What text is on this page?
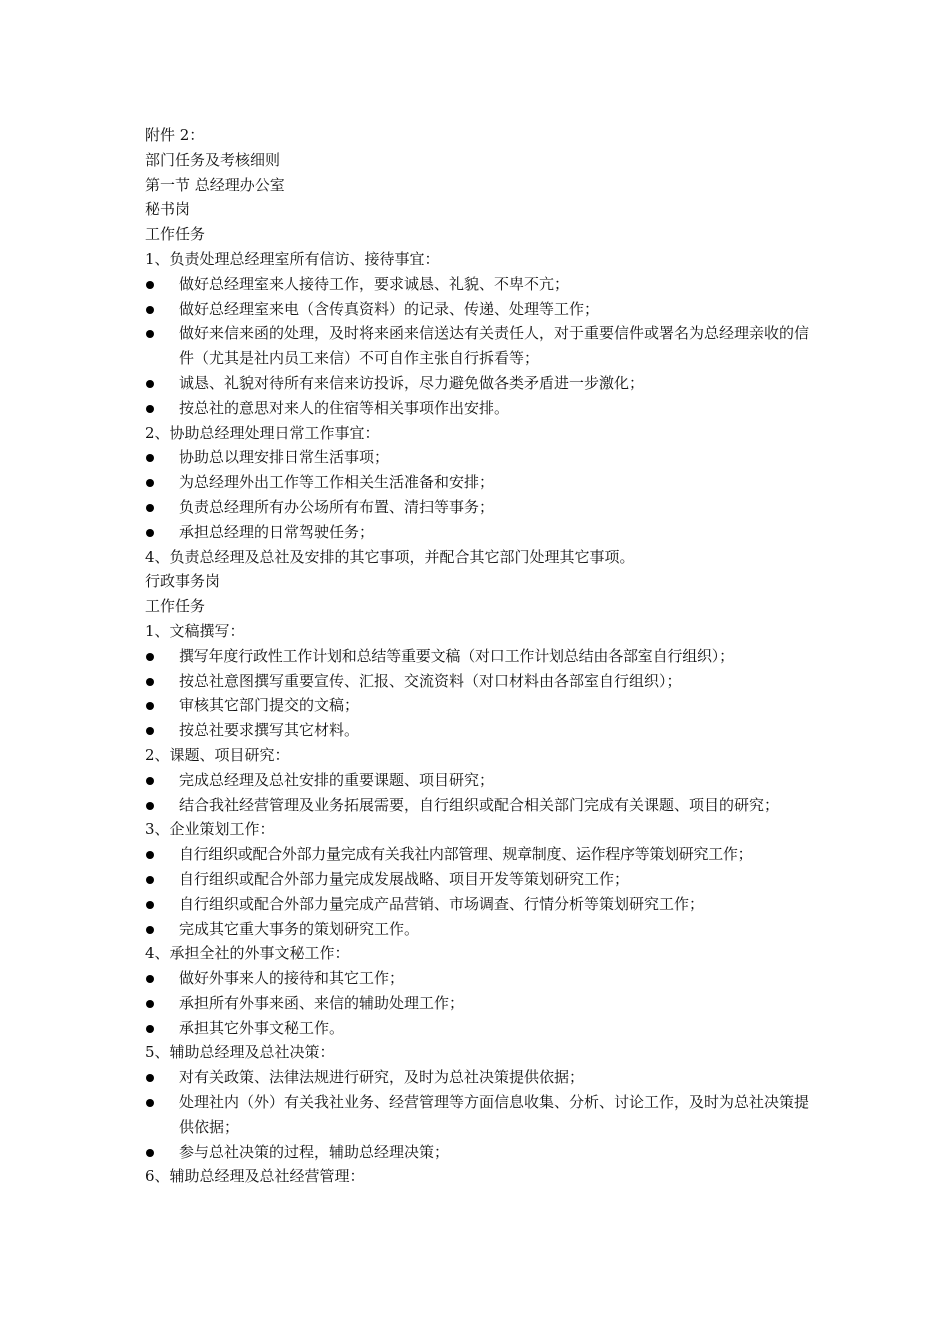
附件 2：
部门任务及考核细则
第一节 总经理办公室
秘书岗
工作任务
1、负责处理总经理室所有信访、接待事宜：
做好总经理室来人接待工作，要求诚恳、礼貌、不卑不亢；
做好总经理室来电（含传真资料）的记录、传递、处理等工作；
做好来信来函的处理，及时将来函来信送达有关责任人，对于重要信件或署名为总经理亲收的信件（尤其是社内员工来信）不可自作主张自行拆看等；
诚恳、礼貌对待所有来信来访投诉，尽力避免做各类矛盾进一步激化；
按总社的意思对来人的住宿等相关事项作出安排。
2、协助总经理处理日常工作事宜：
协助总以理安排日常生活事项；
为总经理外出工作等工作相关生活准备和安排；
负责总经理所有办公场所有布置、清扫等事务；
承担总经理的日常驾驶任务；
4、负责总经理及总社及安排的其它事项，并配合其它部门处理其它事项。
行政事务岗
工作任务
1、文稿撰写：
撰写年度行政性工作计划和总结等重要文稿（对口工作计划总结由各部室自行组织）；
按总社意图撰写重要宣传、汇报、交流资料（对口材料由各部室自行组织）；
审核其它部门提交的文稿；
按总社要求撰写其它材料。
2、课题、项目研究：
完成总经理及总社安排的重要课题、项目研究；
结合我社经营管理及业务拓展需要，自行组织或配合相关部门完成有关课题、项目的研究；
3、企业策划工作：
自行组织或配合外部力量完成有关我社内部管理、规章制度、运作程序等策划研究工作；
自行组织或配合外部力量完成发展战略、项目开发等策划研究工作；
自行组织或配合外部力量完成产品营销、市场调查、行情分析等策划研究工作；
完成其它重大事务的策划研究工作。
4、承担全社的外事文秘工作：
做好外事来人的接待和其它工作；
承担所有外事来函、来信的辅助处理工作；
承担其它外事文秘工作。
5、辅助总经理及总社决策：
对有关政策、法律法规进行研究，及时为总社决策提供依据；
处理社内（外）有关我社业务、经营管理等方面信息收集、分析、讨论工作，及时为总社决策提供依据；
参与总社决策的过程，辅助总经理决策；
6、辅助总经理及总社经营管理：
